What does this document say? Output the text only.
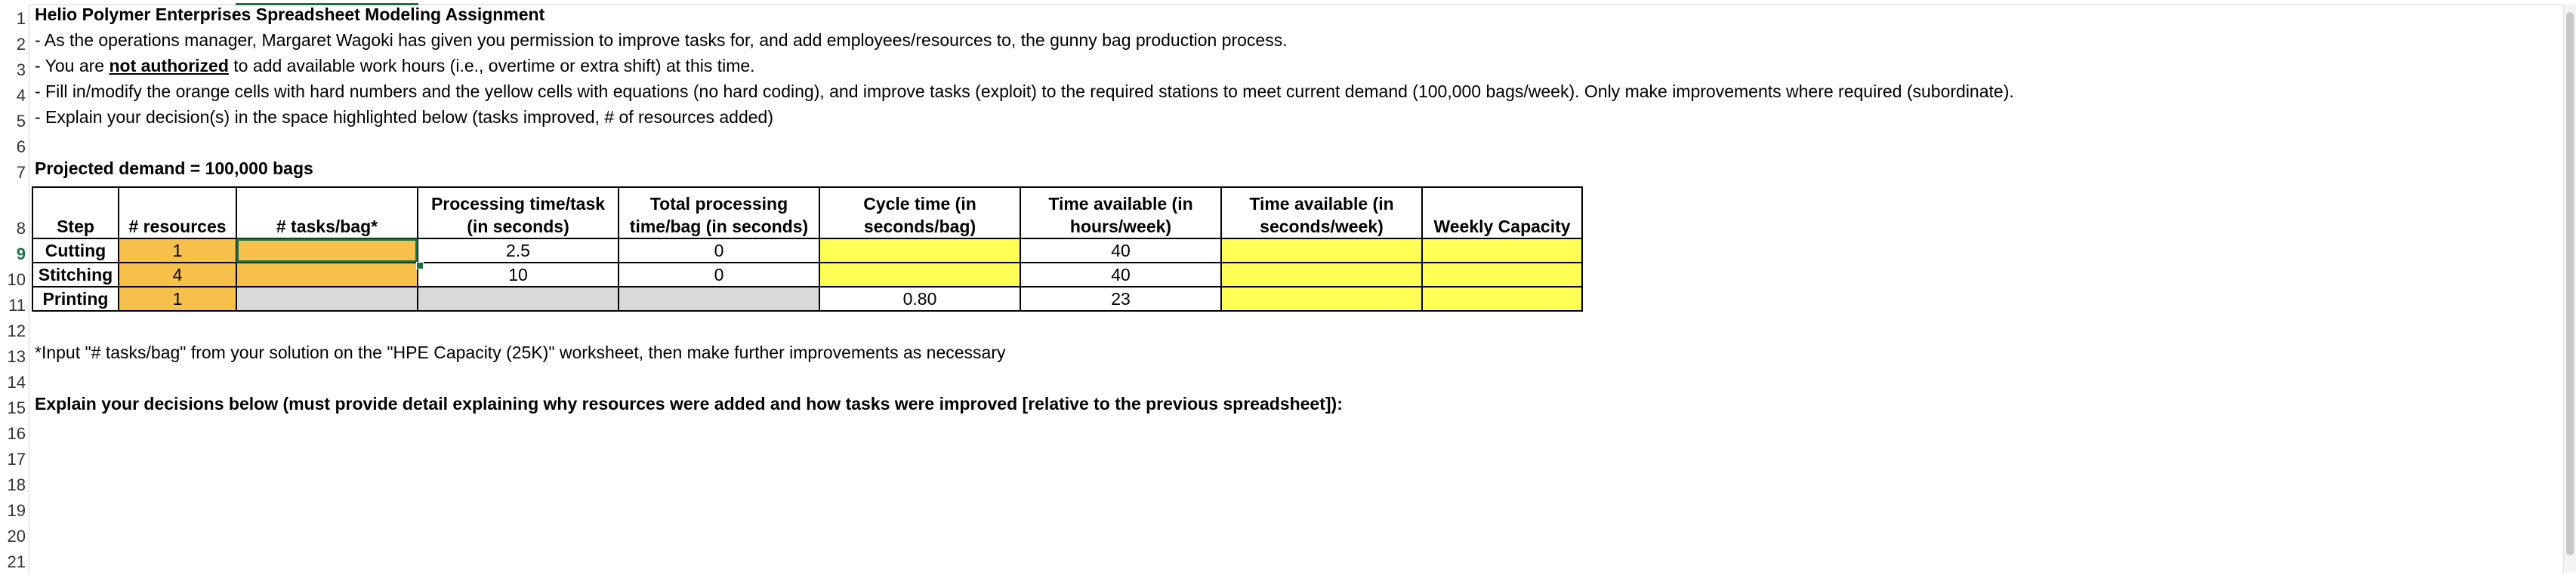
1
2
3
4
5
6
7
8
9
10
11
12
13
14
15
16
17
18
19
20
21
Helio Polymer Enterprises Spreadsheet Modeling Assignment
- As the operations manager, Margaret Wagoki has given you permission to improve tasks for, and add employees/resources to, the gunny bag production process.
- You are not authorized to add available work hours (i.e., overtime or extra shift) at this time.
- Fill in/modify the orange cells with hard numbers and the yellow cells with equations (no hard coding), and improve tasks (exploit) to the required stations to meet current demand (100,000 bags/week). Only make improvements where required (subordinate).
- Explain your decision(s) in the space highlighted below (tasks improved, # of resources added)
Projected demand = 100,000 bags
Step	# resources	# tasks/bag*	Processing time/task (in seconds)	Total processing time/bag (in seconds)	Cycle time (in seconds/bag)	Time available (in hours/week)	Time available (in seconds/week)	Weekly Capacity
Cutting	1		2.5	0		40		
Stitching	4		10	0		40		
Printing	1				0.80	23		
*Input "# tasks/bag" from your solution on the "HPE Capacity (25K)" worksheet, then make further improvements as necessary
Explain your decisions below (must provide detail explaining why resources were added and how tasks were improved [relative to the previous spreadsheet]):
